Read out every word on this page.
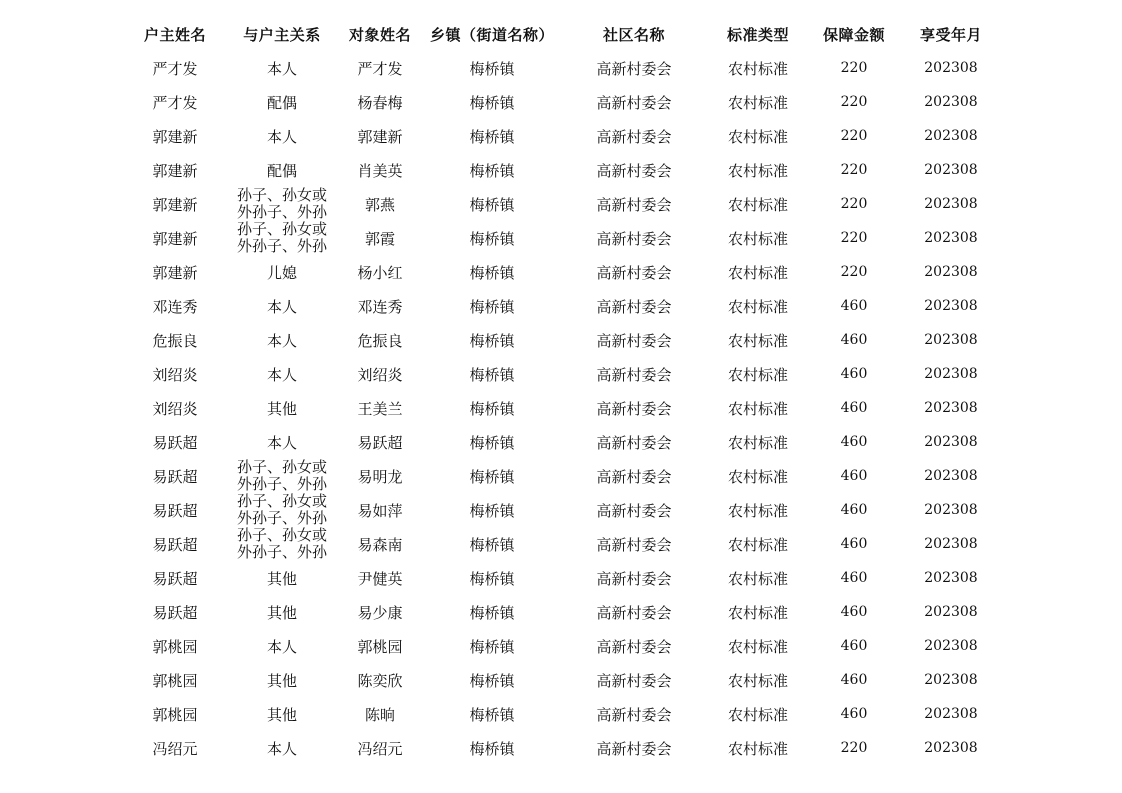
户主姓名	与户主关系	对象姓名	乡镇（街道名称）	社区名称	标准类型	保障金额	享受年月
严才发	本人	严才发	梅桥镇	高新村委会	农村标准	220	202308
严才发	配偶	杨春梅	梅桥镇	高新村委会	农村标准	220	202308
郭建新	本人	郭建新	梅桥镇	高新村委会	农村标准	220	202308
郭建新	配偶	肖美英	梅桥镇	高新村委会	农村标准	220	202308
郭建新	孙子、孙女或外孙子、外孙	郭燕	梅桥镇	高新村委会	农村标准	220	202308
郭建新	孙子、孙女或外孙子、外孙	郭霞	梅桥镇	高新村委会	农村标准	220	202308
郭建新	儿媳	杨小红	梅桥镇	高新村委会	农村标准	220	202308
邓连秀	本人	邓连秀	梅桥镇	高新村委会	农村标准	460	202308
危振良	本人	危振良	梅桥镇	高新村委会	农村标准	460	202308
刘绍炎	本人	刘绍炎	梅桥镇	高新村委会	农村标准	460	202308
刘绍炎	其他	王美兰	梅桥镇	高新村委会	农村标准	460	202308
易跃超	本人	易跃超	梅桥镇	高新村委会	农村标准	460	202308
易跃超	孙子、孙女或外孙子、外孙	易明龙	梅桥镇	高新村委会	农村标准	460	202308
易跃超	孙子、孙女或外孙子、外孙	易如萍	梅桥镇	高新村委会	农村标准	460	202308
易跃超	孙子、孙女或外孙子、外孙	易森南	梅桥镇	高新村委会	农村标准	460	202308
易跃超	其他	尹健英	梅桥镇	高新村委会	农村标准	460	202308
易跃超	其他	易少康	梅桥镇	高新村委会	农村标准	460	202308
郭桃园	本人	郭桃园	梅桥镇	高新村委会	农村标准	460	202308
郭桃园	其他	陈奕欣	梅桥镇	高新村委会	农村标准	460	202308
郭桃园	其他	陈晌	梅桥镇	高新村委会	农村标准	460	202308
冯绍元	本人	冯绍元	梅桥镇	高新村委会	农村标准	220	202308
